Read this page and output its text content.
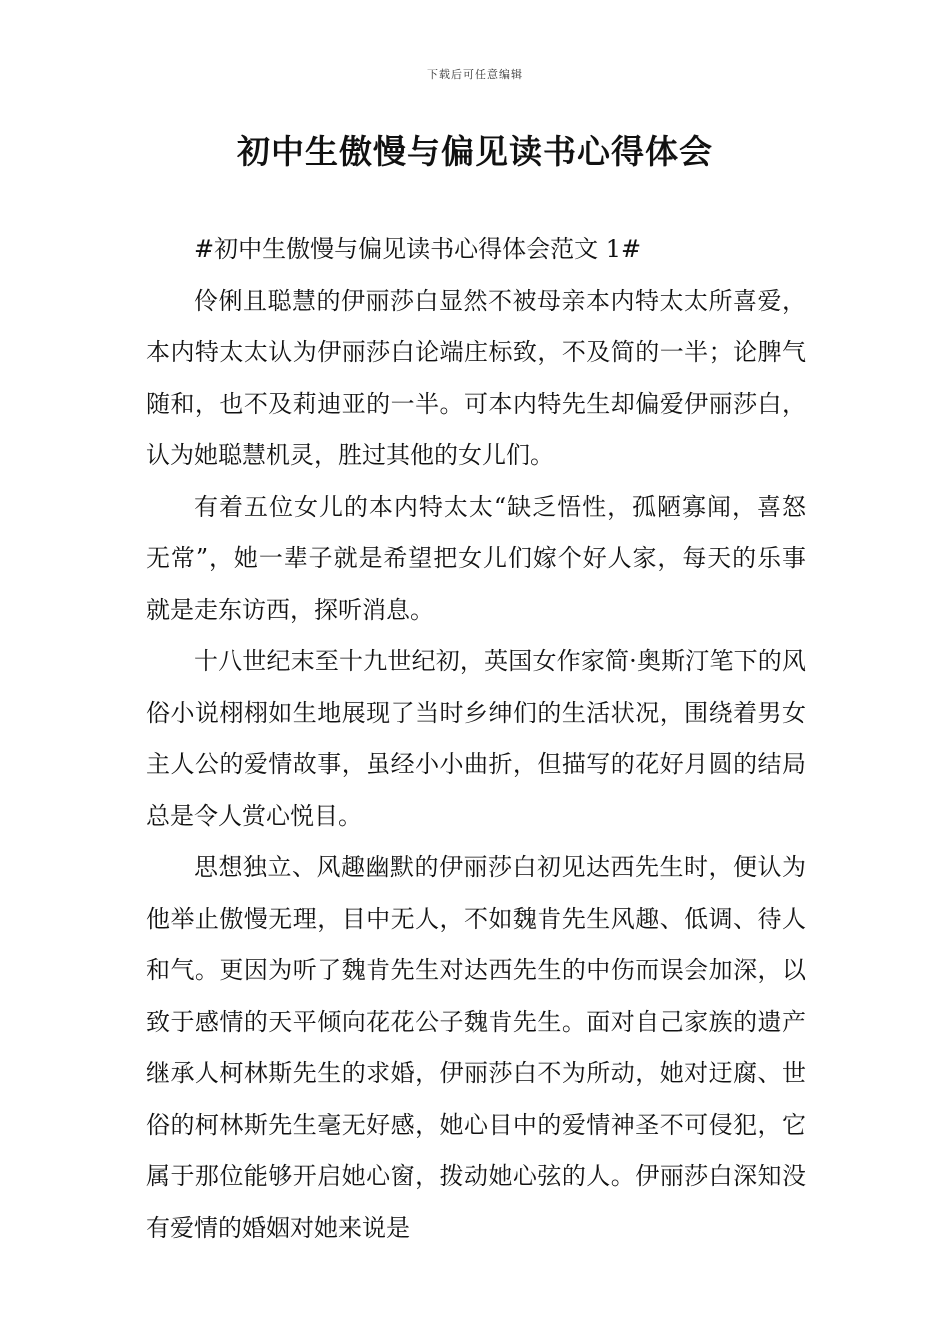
下载后可任意编辑
初中生傲慢与偏见读书心得体会

#初中生傲慢与偏见读书心得体会范文 1#

伶俐且聪慧的伊丽莎白显然不被母亲本内特太太所喜爱，本内特太太认为伊丽莎白论端庄标致，不及简的一半；论脾气随和，也不及莉迪亚的一半。可本内特先生却偏爱伊丽莎白，认为她聪慧机灵，胜过其他的女儿们。

有着五位女儿的本内特太太“缺乏悟性，孤陋寡闻，喜怒无常”，她一辈子就是希望把女儿们嫁个好人家，每天的乐事就是走东访西，探听消息。

十八世纪末至十九世纪初，英国女作家简·奥斯汀笔下的风俗小说栩栩如生地展现了当时乡绅们的生活状况，围绕着男女主人公的爱情故事，虽经小小曲折，但描写的花好月圆的结局总是令人赏心悦目。

思想独立、风趣幽默的伊丽莎白初见达西先生时，便认为他举止傲慢无理，目中无人，不如魏肯先生风趣、低调、待人和气。更因为听了魏肯先生对达西先生的中伤而误会加深，以致于感情的天平倾向花花公子魏肯先生。面对自己家族的遗产继承人柯林斯先生的求婚，伊丽莎白不为所动，她对迂腐、世俗的柯林斯先生毫无好感，她心目中的爱情神圣不可侵犯，它属于那位能够开启她心窗，拨动她心弦的人。伊丽莎白深知没有爱情的婚姻对她来说是
